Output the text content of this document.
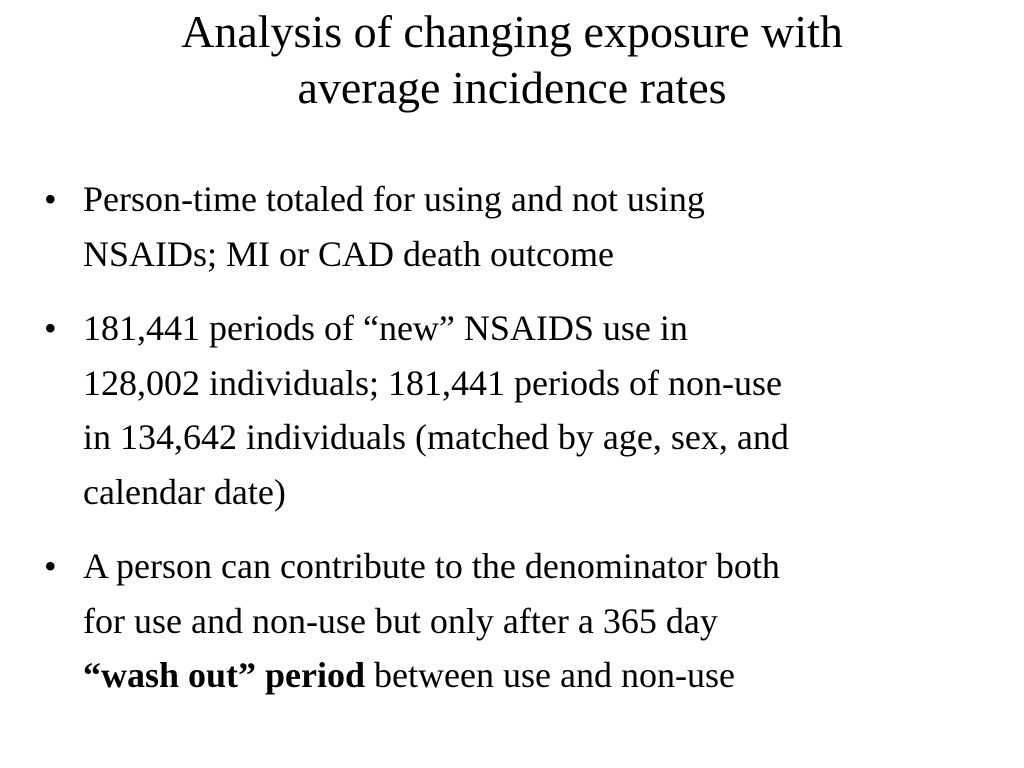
Analysis of changing exposure with
average incidence rates
• Person-time totaled for using and not using
NSAIDs; MI or CAD death outcome
• 181,441 periods of “new” NSAIDS use in
128,002 individuals; 181,441 periods of non-use
in 134,642 individuals (matched by age, sex, and
calendar date)
• A person can contribute to the denominator both
for use and non-use but only after a 365 day
“wash out” period between use and non-use
